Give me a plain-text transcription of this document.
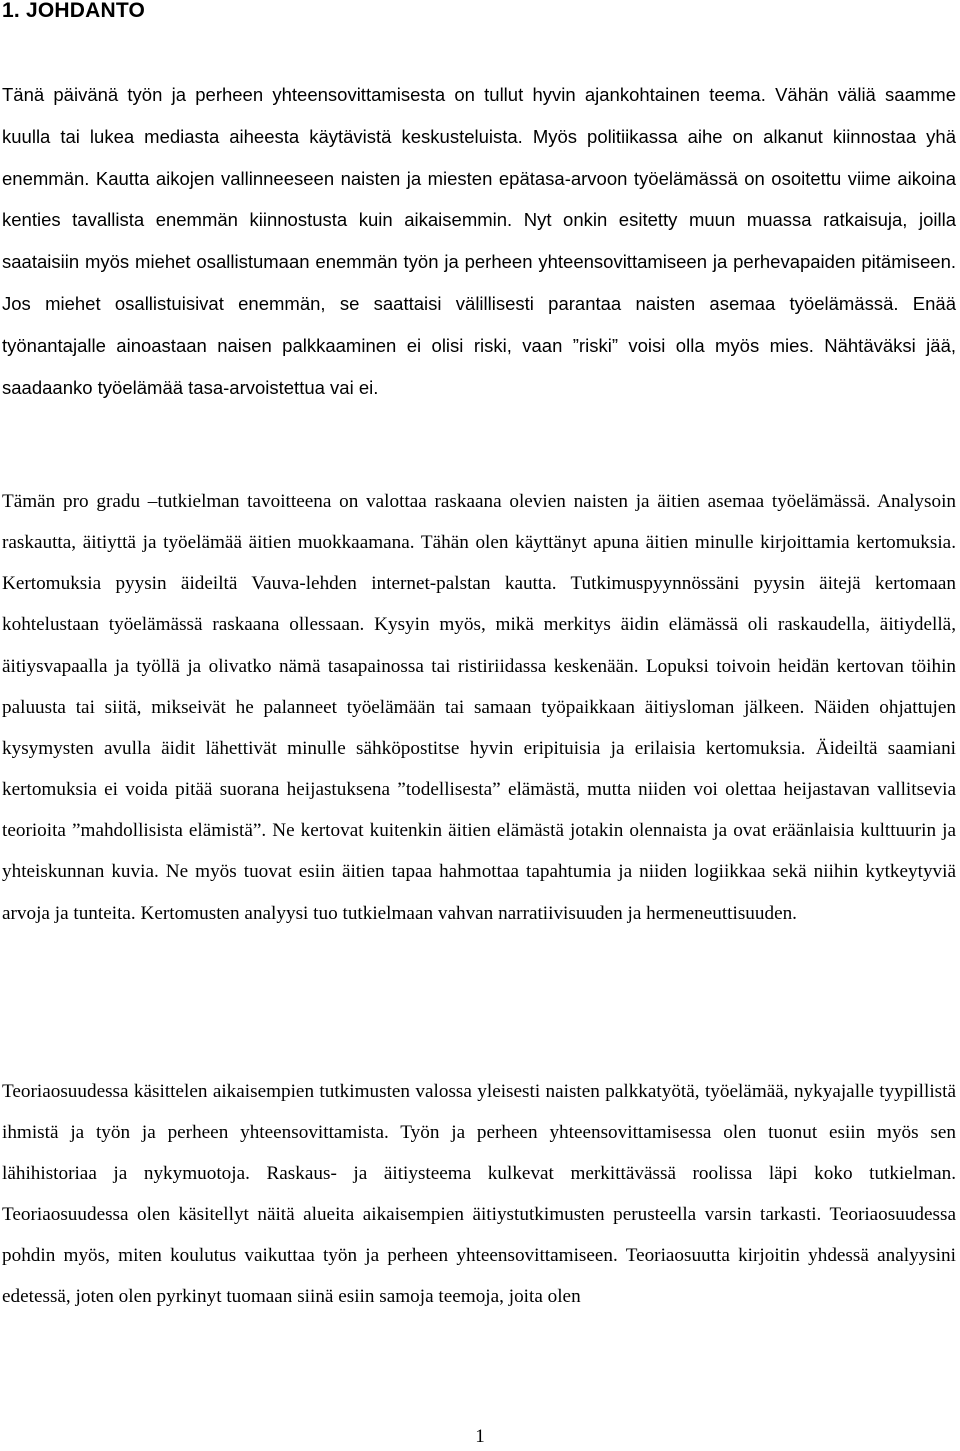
1. JOHDANTO

Tänä päivänä työn ja perheen yhteensovittamisesta on tullut hyvin ajankohtainen teema. Vähän väliä saamme kuulla tai lukea mediasta aiheesta käytävistä keskusteluista. Myös politiikassa aihe on alkanut kiinnostaa yhä enemmän. Kautta aikojen vallinneeseen naisten ja miesten epätasa-arvoon työelämässä on osoitettu viime aikoina kenties tavallista enemmän kiinnostusta kuin aikaisemmin. Nyt onkin esitetty muun muassa ratkaisuja, joilla saataisiin myös miehet osallistumaan enemmän työn ja perheen yhteensovittamiseen ja perhevapaiden pitämiseen. Jos miehet osallistuisivat enemmän, se saattaisi välillisesti parantaa naisten asemaa työelämässä. Enää työnantajalle ainoastaan naisen palkkaaminen ei olisi riski, vaan ”riski” voisi olla myös mies. Nähtäväksi jää, saadaanko työelämää tasa-arvoistettua vai ei.

Tämän pro gradu –tutkielman tavoitteena on valottaa raskaana olevien naisten ja äitien asemaa työelämässä. Analysoin raskautta, äitiyttä ja työelämää äitien muokkaamana. Tähän olen käyttänyt apuna äitien minulle kirjoittamia kertomuksia. Kertomuksia pyysin äideiltä Vauva-lehden internet-palstan kautta. Tutkimuspyynnössäni pyysin äitejä kertomaan kohtelustaan työelämässä raskaana ollessaan. Kysyin myös, mikä merkitys äidin elämässä oli raskaudella, äitiydellä, äitiysvapaalla ja työllä ja olivatko nämä tasapainossa tai ristiriidassa keskenään. Lopuksi toivoin heidän kertovan töihin paluusta tai siitä, mikseivät he palanneet työelämään tai samaan työpaikkaan äitiysloman jälkeen. Näiden ohjattujen kysymysten avulla äidit lähettivät minulle sähköpostitse hyvin eripituisia ja erilaisia kertomuksia. Äideiltä saamiani kertomuksia ei voida pitää suorana heijastuksena ”todellisesta” elämästä, mutta niiden voi olettaa heijastavan vallitsevia teorioita ”mahdollisista elämistä”. Ne kertovat kuitenkin äitien elämästä jotakin olennaista ja ovat eräänlaisia kulttuurin ja yhteiskunnan kuvia. Ne myös tuovat esiin äitien tapaa hahmottaa tapahtumia ja niiden logiikkaa sekä niihin kytkeytyviä arvoja ja tunteita. Kertomusten analyysi tuo tutkielmaan vahvan narratiivisuuden ja hermeneuttisuuden.

Teoriaosuudessa käsittelen aikaisempien tutkimusten valossa yleisesti naisten palkkatyötä, työelämää, nykyajalle tyypillistä ihmistä ja työn ja perheen yhteensovittamista. Työn ja perheen yhteensovittamisessa olen tuonut esiin myös sen lähihistoriaa ja nykymuotoja. Raskaus- ja äitiysteema kulkevat merkittävässä roolissa läpi koko tutkielman. Teoriaosuudessa olen käsitellyt näitä alueita aikaisempien äitiystutkimusten perusteella varsin tarkasti. Teoriaosuudessa pohdin myös, miten koulutus vaikuttaa työn ja perheen yhteensovittamiseen. Teoriaosuutta kirjoitin yhdessä analyysini edetessä, joten olen pyrkinyt tuomaan siinä esiin samoja teemoja, joita olen

1
